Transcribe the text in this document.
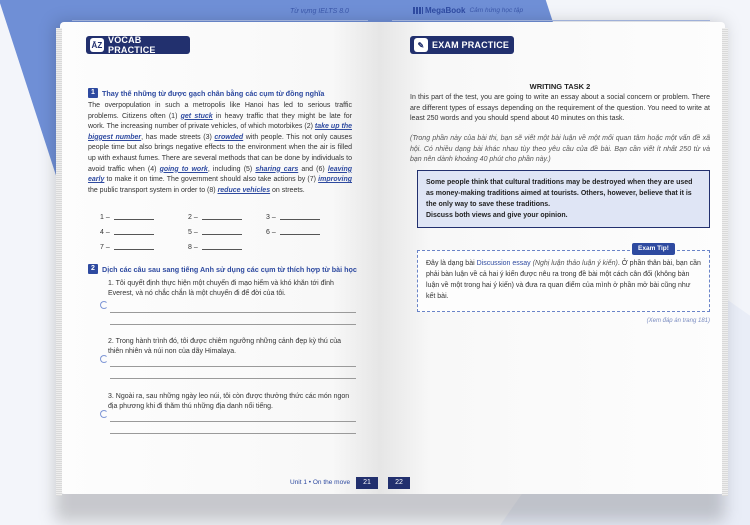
Từ vựng IELTS 8.0
ĀZ VOCAB PRACTICE
1 Thay thế những từ được gạch chân bằng các cụm từ đồng nghĩa
The overpopulation in such a metropolis like Hanoi has led to serious traffic problems. Citizens often (1) get stuck in heavy traffic that they might be late for work. The increasing number of private vehicles, of which motorbikes (2) take up the biggest number, has made streets (3) crowded with people. This not only causes people time but also brings negative effects to the environment when the air is filled up with exhaust fumes. There are several methods that can be done by individuals to avoid traffic when (4) going to work, including (5) sharing cars and (6) leaving early to make it on time. The government should also take actions by (7) improving the public transport system in order to (8) reduce vehicles on streets.
1 –	2 –	3 –
4 –	5 –	6 –
7 –	8 –
2 Dịch các câu sau sang tiếng Anh sử dụng các cụm từ thích hợp từ bài học
1. Tôi quyết định thực hiện một chuyến đi mạo hiểm và khó khăn tới đỉnh Everest, và nó chắc chắn là một chuyến đi để đời của tôi.
2. Trong hành trình đó, tôi được chiêm ngưỡng những cảnh đẹp kỳ thú của thiên nhiên và núi non của dãy Himalaya.
3. Ngoài ra, sau những ngày leo núi, tôi còn được thưởng thức các món ngon địa phương khi đi thăm thú những địa danh nổi tiếng.
Unit 1 • On the move	21
MegaBook Cảm hứng học tập
✎ EXAM PRACTICE
WRITING TASK 2
In this part of the test, you are going to write an essay about a social concern or problem. There are different types of essays depending on the requirement of the question. You need to write at least 250 words and you should spend about 40 minutes on this task.
(Trong phần này của bài thi, bạn sẽ viết một bài luận về một mối quan tâm hoặc một vấn đề xã hội. Có nhiều dạng bài khác nhau tùy theo yêu cầu của đề bài. Bạn cần viết ít nhất 250 từ và bạn nên dành khoảng 40 phút cho phần này.)
Some people think that cultural traditions may be destroyed when they are used as money-making traditions aimed at tourists. Others, however, believe that it is the only way to save these traditions.
Discuss both views and give your opinion.
Đây là dạng bài Discussion essay (Nghị luận thảo luận ý kiến). Ở phần thân bài, bạn cần phải bàn luận về cả hai ý kiến được nêu ra trong đề bài một cách cân đối (không bàn luận về một trong hai ý kiến) và đưa ra quan điểm của mình ở phần mở bài cũng như kết bài.
Exam Tip!
(Xem đáp án trang 181)
22
